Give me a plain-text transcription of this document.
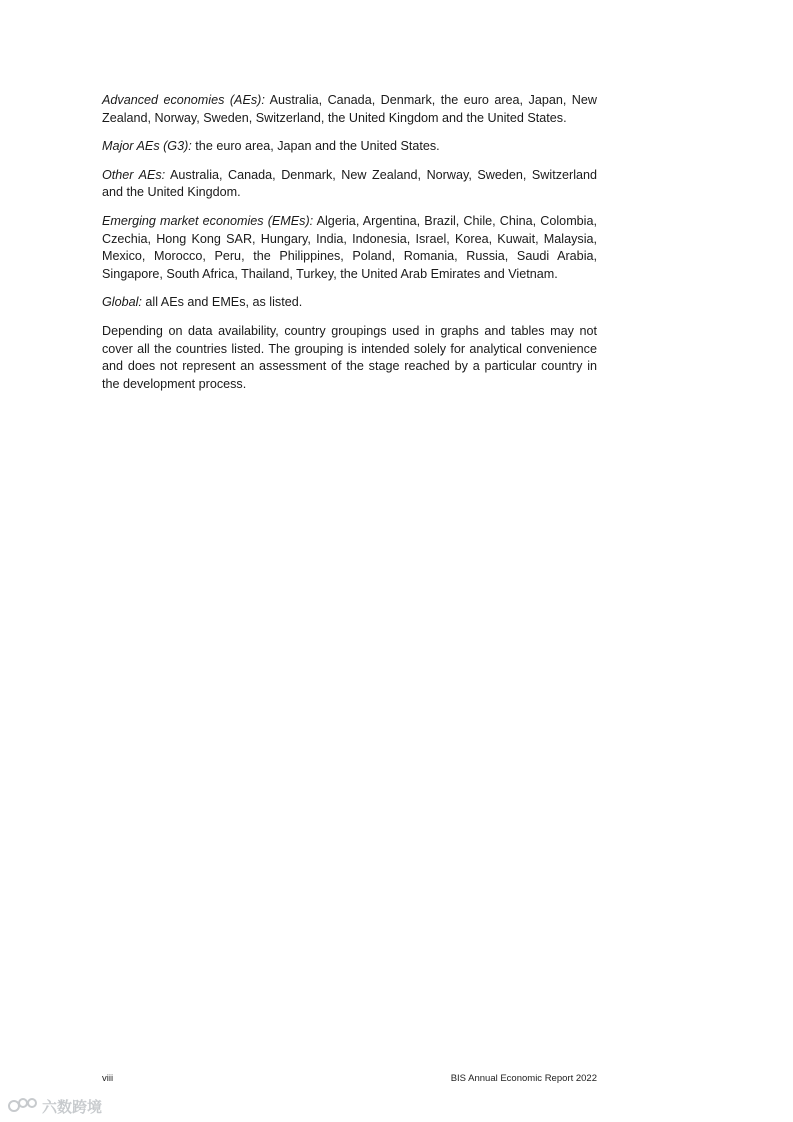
Advanced economies (AEs): Australia, Canada, Denmark, the euro area, Japan, New Zealand, Norway, Sweden, Switzerland, the United Kingdom and the United States.

Major AEs (G3): the euro area, Japan and the United States.

Other AEs: Australia, Canada, Denmark, New Zealand, Norway, Sweden, Switzerland and the United Kingdom.

Emerging market economies (EMEs): Algeria, Argentina, Brazil, Chile, China, Colombia, Czechia, Hong Kong SAR, Hungary, India, Indonesia, Israel, Korea, Kuwait, Malaysia, Mexico, Morocco, Peru, the Philippines, Poland, Romania, Russia, Saudi Arabia, Singapore, South Africa, Thailand, Turkey, the United Arab Emirates and Vietnam.

Global: all AEs and EMEs, as listed.

Depending on data availability, country groupings used in graphs and tables may not cover all the countries listed. The grouping is intended solely for analytical convenience and does not represent an assessment of the stage reached by a particular country in the development process.

viii	BIS Annual Economic Report 2022
六数跨境
